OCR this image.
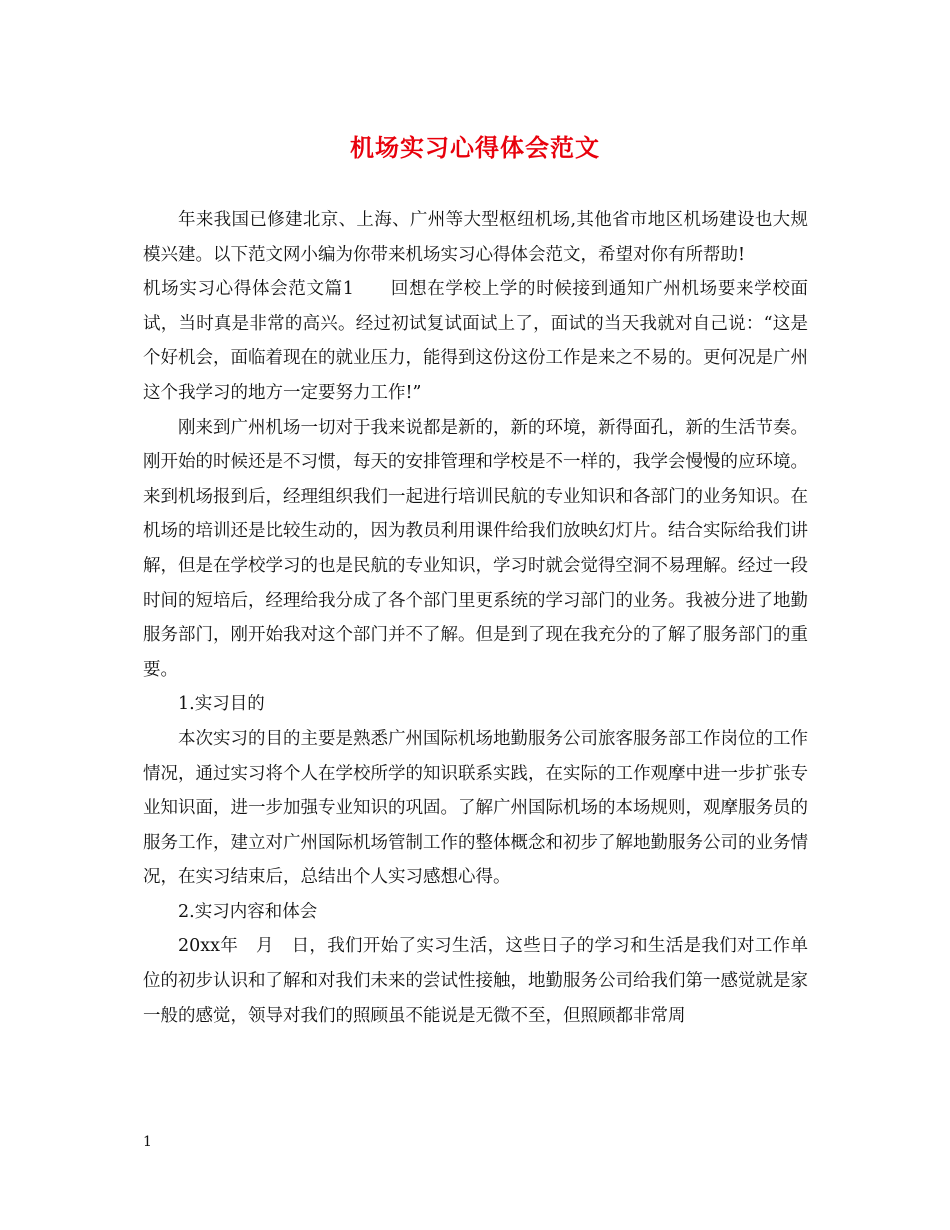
机场实习心得体会范文

年来我国已修建北京、上海、广州等大型枢纽机场,其他省市地区机场建设也大规模兴建。以下范文网小编为你带来机场实习心得体会范文，希望对你有所帮助!

机场实习心得体会范文篇1　　回想在学校上学的时候接到通知广州机场要来学校面试，当时真是非常的高兴。经过初试复试面试上了，面试的当天我就对自己说：“这是个好机会，面临着现在的就业压力，能得到这份这份工作是来之不易的。更何况是广州这个我学习的地方一定要努力工作!”

刚来到广州机场一切对于我来说都是新的，新的环境，新得面孔，新的生活节奏。刚开始的时候还是不习惯，每天的安排管理和学校是不一样的，我学会慢慢的应环境。来到机场报到后，经理组织我们一起进行培训民航的专业知识和各部门的业务知识。在机场的培训还是比较生动的，因为教员利用课件给我们放映幻灯片。结合实际给我们讲解，但是在学校学习的也是民航的专业知识，学习时就会觉得空洞不易理解。经过一段时间的短培后，经理给我分成了各个部门里更系统的学习部门的业务。我被分进了地勤服务部门，刚开始我对这个部门并不了解。但是到了现在我充分的了解了服务部门的重要。

1.实习目的

本次实习的目的主要是熟悉广州国际机场地勤服务公司旅客服务部工作岗位的工作情况，通过实习将个人在学校所学的知识联系实践，在实际的工作观摩中进一步扩张专业知识面，进一步加强专业知识的巩固。了解广州国际机场的本场规则，观摩服务员的服务工作，建立对广州国际机场管制工作的整体概念和初步了解地勤服务公司的业务情况，在实习结束后，总结出个人实习感想心得。

2.实习内容和体会

20xx年　月　日，我们开始了实习生活，这些日子的学习和生活是我们对工作单位的初步认识和了解和对我们未来的尝试性接触，地勤服务公司给我们第一感觉就是家一般的感觉，领导对我们的照顾虽不能说是无微不至，但照顾都非常周

1
